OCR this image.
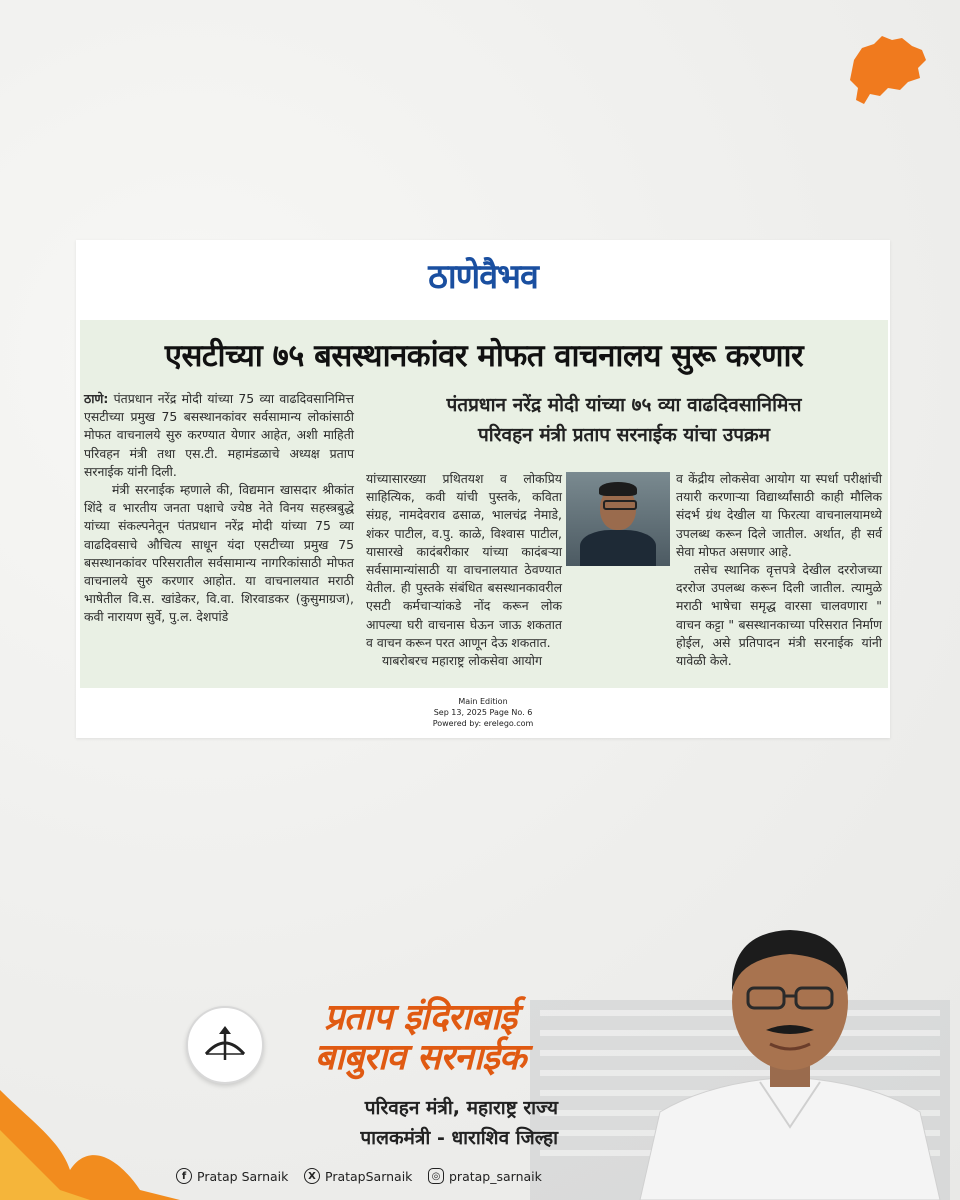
ठाणेवैभव
एसटीच्या ७५ बसस्थानकांवर मोफत वाचनालय सुरू करणार
पंतप्रधान नरेंद्र मोदी यांच्या ७५ व्या वाढदिवसानिमित्त
परिवहन मंत्री प्रताप सरनाईक यांचा उपक्रम
ठाणे: पंतप्रधान नरेंद्र मोदी यांच्या 75 व्या वाढदिवसानिमित्त एसटीच्या प्रमुख 75 बसस्थानकांवर सर्वसामान्य लोकांसाठी मोफत वाचनालये सुरु करण्यात येणार आहेत, अशी माहिती परिवहन मंत्री तथा एस.टी. महामंडळाचे अध्यक्ष प्रताप सरनाईक यांनी दिली.
मंत्री सरनाईक म्हणाले की, विद्यमान खासदार श्रीकांत शिंदे व भारतीय जनता पक्षाचे ज्येष्ठ नेते विनय सहस्त्रबुद्धे यांच्या संकल्पनेतून पंतप्रधान नरेंद्र मोदी यांच्या 75 व्या वाढदिवसाचे औचित्य साधून यंदा एसटीच्या प्रमुख 75 बसस्थानकांवर परिसरातील सर्वसामान्य नागरिकांसाठी मोफत वाचनालये सुरु करणार आहोत. या वाचनालयात मराठी भाषेतील वि.स. खांडेकर, वि.वा. शिरवाडकर (कुसुमाग्रज), कवी नारायण सुर्वे, पु.ल. देशपांडे
यांच्यासारख्या प्रथितयश व लोकप्रिय साहित्यिक, कवी यांची पुस्तके, कविता संग्रह, नामदेवराव ढसाळ, भालचंद्र नेमाडे, शंकर पाटील, व.पु. काळे, विश्वास पाटील, यासारखे कादंबरीकार यांच्या कादंबऱ्या सर्वसामान्यांसाठी या वाचनालयात ठेवण्यात येतील. ही पुस्तके संबंधित बसस्थानकावरील एसटी कर्मचाऱ्यांकडे नोंद करून लोक आपल्या घरी वाचनास घेऊन जाऊ शकतात व वाचन करून परत आणून देऊ शकतात.
याबरोबरच महाराष्ट्र लोकसेवा आयोग
व केंद्रीय लोकसेवा आयोग या स्पर्धा परीक्षांची तयारी करणाऱ्या विद्यार्थ्यांसाठी काही मौलिक संदर्भ ग्रंथ देखील या फिरत्या वाचनालयामध्ये उपलब्ध करून दिले जातील. अर्थात, ही सर्व सेवा मोफत असणार आहे.
तसेच स्थानिक वृत्तपत्रे देखील दररोजच्या दररोज उपलब्ध करून दिली जातील. त्यामुळे मराठी भाषेचा समृद्ध वारसा चालवणारा " वाचन कट्टा " बसस्थानकाच्या परिसरात निर्माण होईल, असे प्रतिपादन मंत्री सरनाईक यांनी यावेळी केले.
Main Edition
Sep 13, 2025 Page No. 6
Powered by: erelego.com
प्रताप इंदिराबाई
बाबुराव सरनाईक
परिवहन मंत्री, महाराष्ट्र राज्य
पालकमंत्री - धाराशिव जिल्हा
f Pratap Sarnaik	X PratapSarnaik	◎ pratap_sarnaik
